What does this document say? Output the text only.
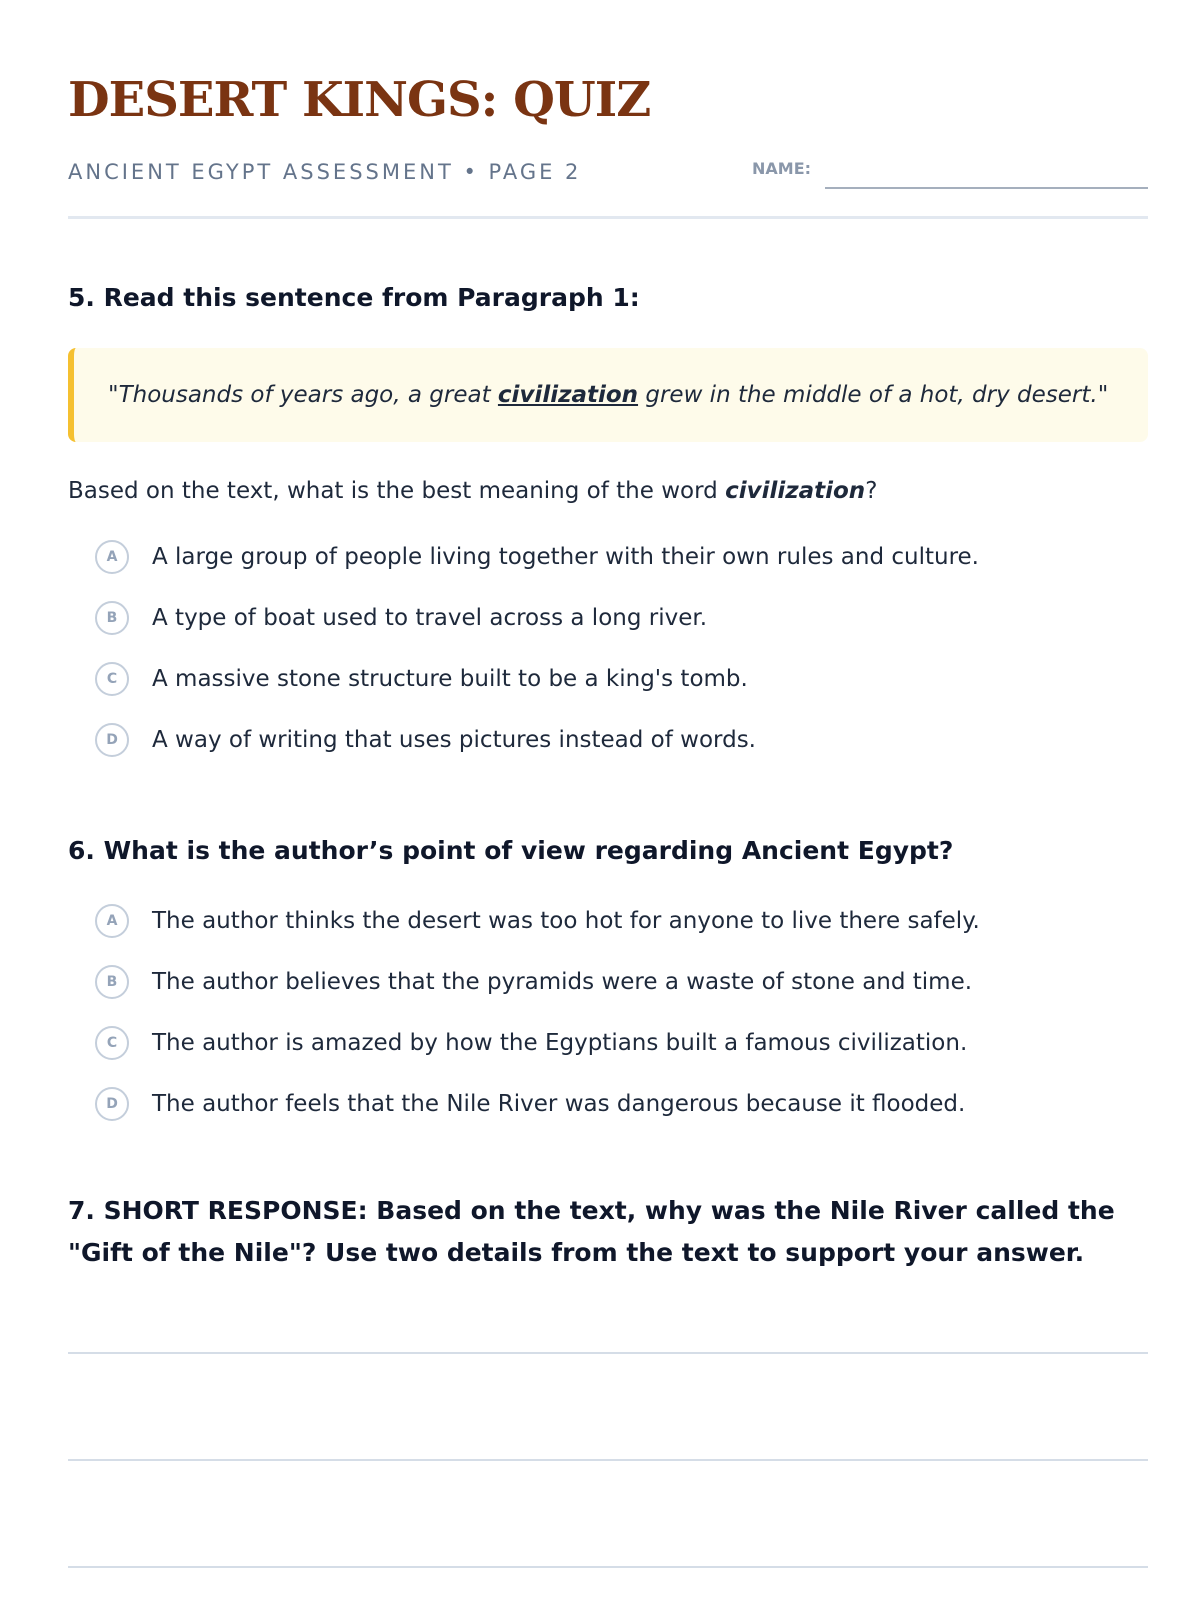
DESERT KINGS: QUIZ
ANCIENT EGYPT ASSESSMENT • PAGE 2	NAME:
5. Read this sentence from Paragraph 1:
"Thousands of years ago, a great civilization grew in the middle of a hot, dry desert."
Based on the text, what is the best meaning of the word civilization?
A	A large group of people living together with their own rules and culture.
B	A type of boat used to travel across a long river.
C	A massive stone structure built to be a king's tomb.
D	A way of writing that uses pictures instead of words.
6. What is the author’s point of view regarding Ancient Egypt?
A	The author thinks the desert was too hot for anyone to live there safely.
B	The author believes that the pyramids were a waste of stone and time.
C	The author is amazed by how the Egyptians built a famous civilization.
D	The author feels that the Nile River was dangerous because it flooded.
7. SHORT RESPONSE: Based on the text, why was the Nile River called the "Gift of the Nile"? Use two details from the text to support your answer.
